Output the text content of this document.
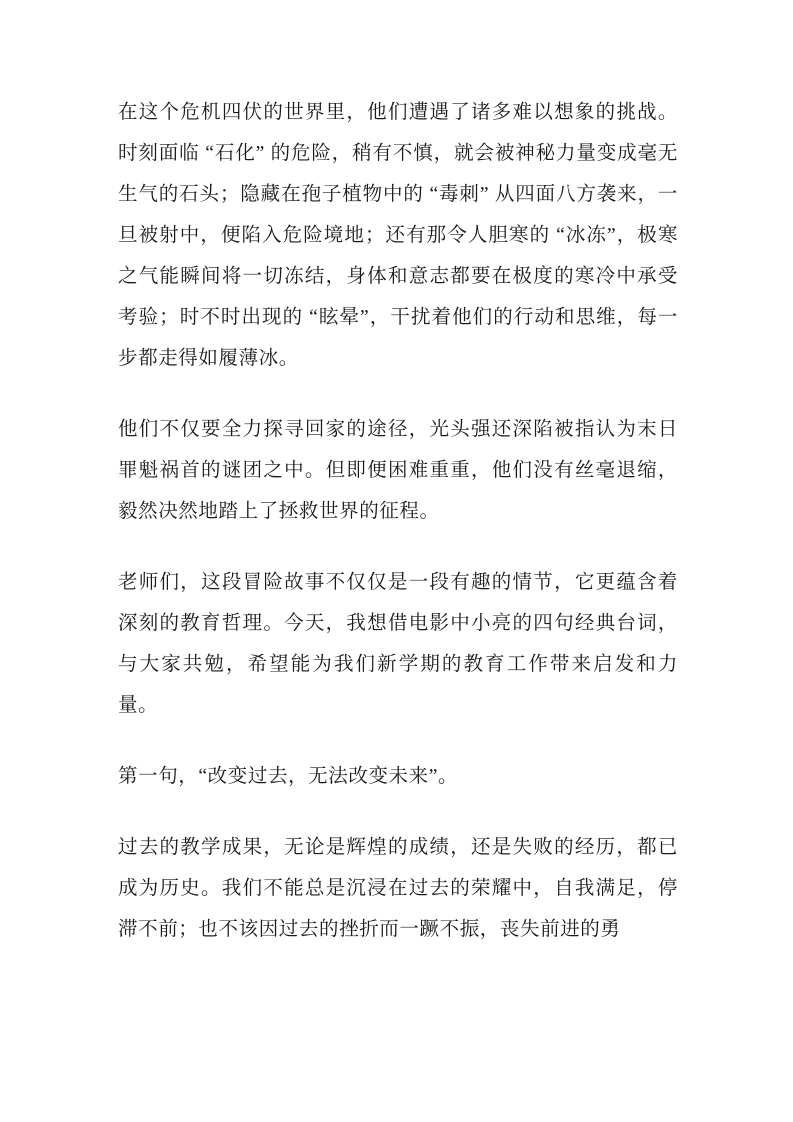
在这个危机四伏的世界里，他们遭遇了诸多难以想象的挑战。时刻面临 “石化” 的危险，稍有不慎，就会被神秘力量变成毫无生气的石头；隐藏在孢子植物中的 “毒刺” 从四面八方袭来，一旦被射中，便陷入危险境地；还有那令人胆寒的 “冰冻”，极寒之气能瞬间将一切冻结，身体和意志都要在极度的寒冷中承受考验；时不时出现的 “眩晕”，干扰着他们的行动和思维，每一步都走得如履薄冰。

他们不仅要全力探寻回家的途径，光头强还深陷被指认为末日罪魁祸首的谜团之中。但即便困难重重，他们没有丝毫退缩，毅然决然地踏上了拯救世界的征程。

老师们，这段冒险故事不仅仅是一段有趣的情节，它更蕴含着深刻的教育哲理。今天，我想借电影中小亮的四句经典台词，与大家共勉，希望能为我们新学期的教育工作带来启发和力量。

第一句，“改变过去，无法改变未来”。

过去的教学成果，无论是辉煌的成绩，还是失败的经历，都已成为历史。我们不能总是沉浸在过去的荣耀中，自我满足，停滞不前；也不该因过去的挫折而一蹶不振，丧失前进的勇
